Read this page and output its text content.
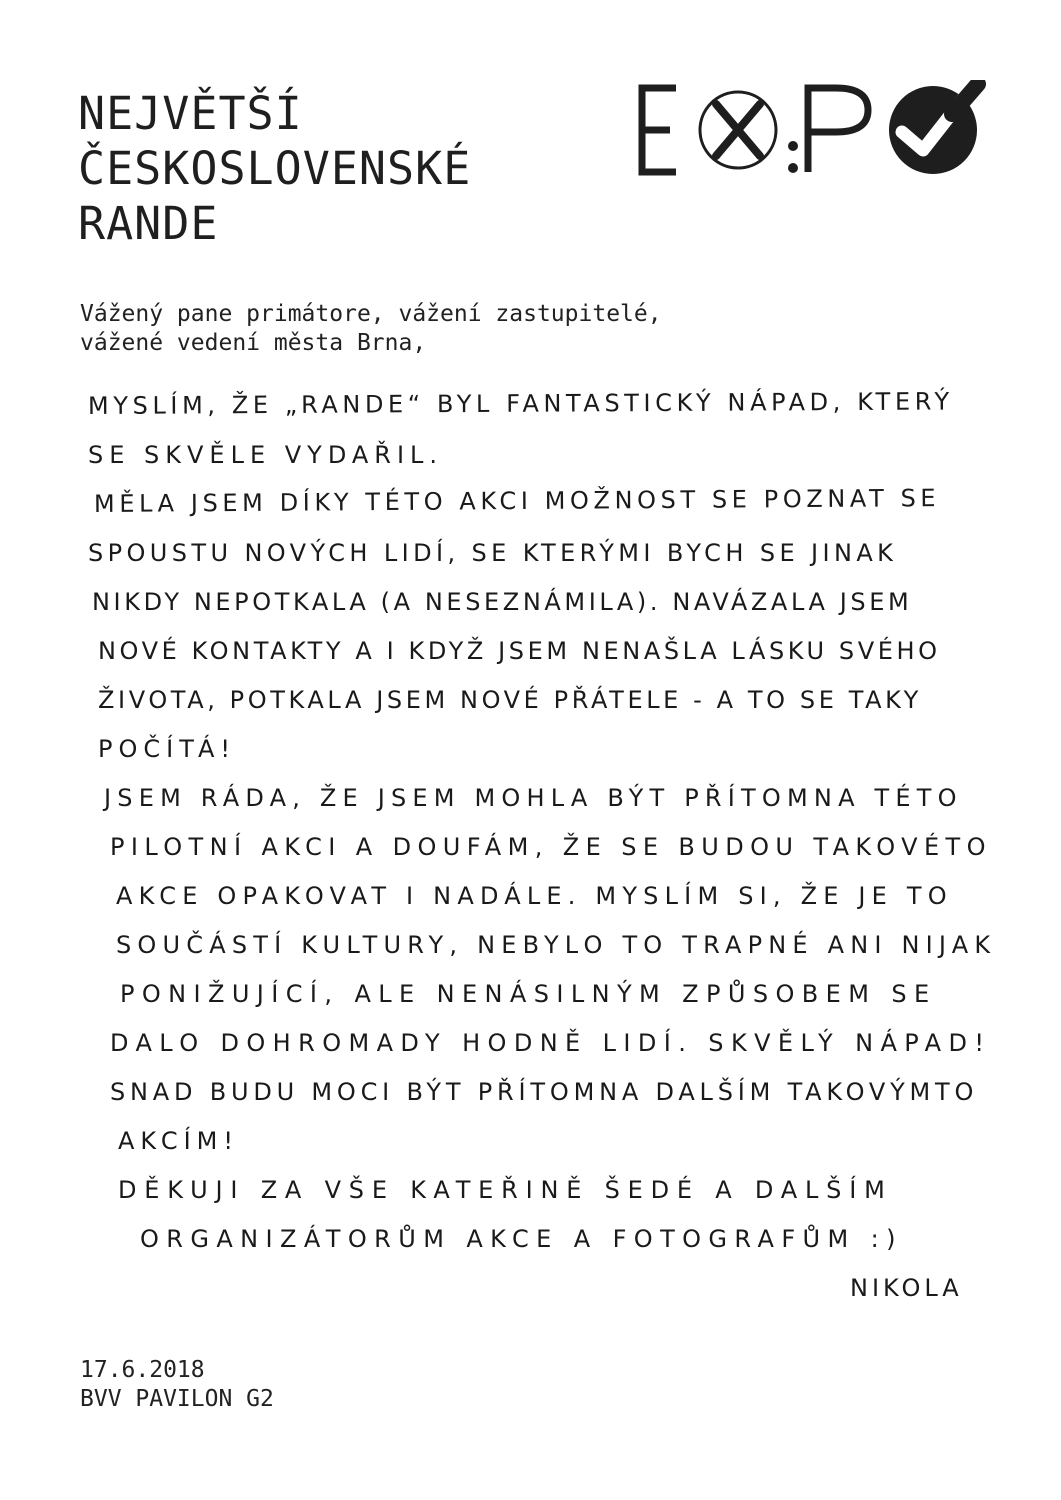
NEJVĚTŠÍ
ČESKOSLOVENSKÉ
RANDE
Vážený pane primátore, vážení zastupitelé,
vážené vedení města Brna,
MYSLÍM, ŽE „RANDE“ BYL FANTASTICKÝ NÁPAD, KTERÝ
SE SKVĚLE VYDAŘIL.
MĚLA JSEM DÍKY TÉTO AKCI MOŽNOST SE POZNAT SE
SPOUSTU NOVÝCH LIDÍ, SE KTERÝMI BYCH SE JINAK
NIKDY NEPOTKALA (A NESEZNÁMILA). NAVÁZALA JSEM
NOVÉ KONTAKTY A I KDYŽ JSEM NENAŠLA LÁSKU SVÉHO
ŽIVOTA, POTKALA JSEM NOVÉ PŘÁTELE - A TO SE TAKY
POČÍTÁ!
JSEM RÁDA, ŽE JSEM MOHLA BÝT PŘÍTOMNA TÉTO
PILOTNÍ AKCI A DOUFÁM, ŽE SE BUDOU TAKOVÉTO
AKCE OPAKOVAT I NADÁLE. MYSLÍM SI, ŽE JE TO
SOUČÁSTÍ KULTURY, NEBYLO TO TRAPNÉ ANI NIJAK
PONIŽUJÍCÍ, ALE NENÁSILNÝM ZPŮSOBEM SE
DALO DOHROMADY HODNĚ LIDÍ. SKVĚLÝ NÁPAD!
SNAD BUDU MOCI BÝT PŘÍTOMNA DALŠÍM TAKOVÝMTO
AKCÍM!
DĚKUJI ZA VŠE KATEŘINĚ ŠEDÉ A DALŠÍM
ORGANIZÁTORŮM AKCE A FOTOGRAFŮM :)
NIKOLA
17.6.2018
BVV PAVILON G2
